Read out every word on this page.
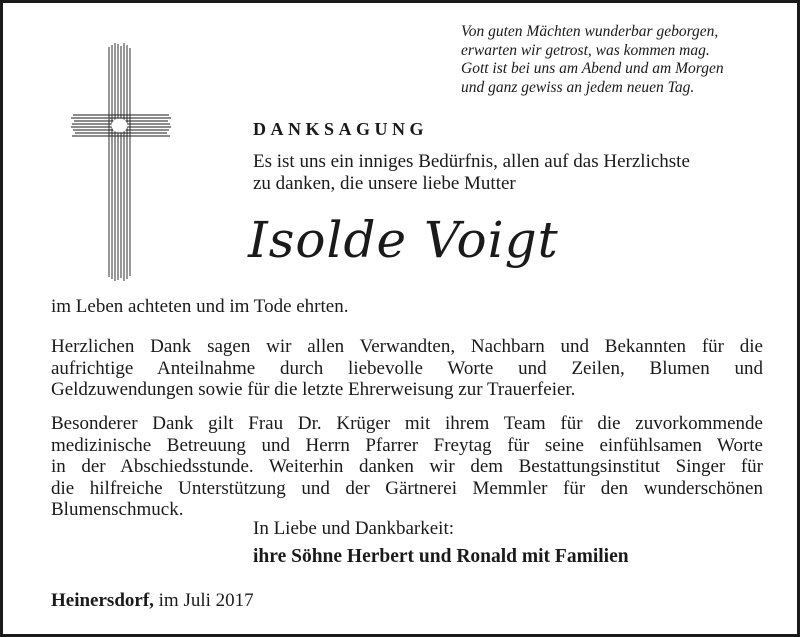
Von guten Mächten wunderbar geborgen,
erwarten wir getrost, was kommen mag.
Gott ist bei uns am Abend und am Morgen
und ganz gewiss an jedem neuen Tag.
DANKSAGUNG
Es ist uns ein inniges Bedürfnis, allen auf das Herzlichste
zu danken, die unsere liebe Mutter
Isolde Voigt

im Leben achteten und im Tode ehrten.

Herzlichen Dank sagen wir allen Verwandten, Nachbarn und Bekannten für die
aufrichtige Anteilnahme durch liebevolle Worte und Zeilen, Blumen und
Geldzuwendungen sowie für die letzte Ehrerweisung zur Trauerfeier.

Besonderer Dank gilt Frau Dr. Krüger mit ihrem Team für die zuvorkommende
medizinische Betreuung und Herrn Pfarrer Freytag für seine einfühlsamen Worte
in der Abschiedsstunde. Weiterhin danken wir dem Bestattungsinstitut Singer für
die hilfreiche Unterstützung und der Gärtnerei Memmler für den wunderschönen
Blumenschmuck.

In Liebe und Dankbarkeit:
ihre Söhne Herbert und Ronald mit Familien
Heinersdorf, im Juli 2017
